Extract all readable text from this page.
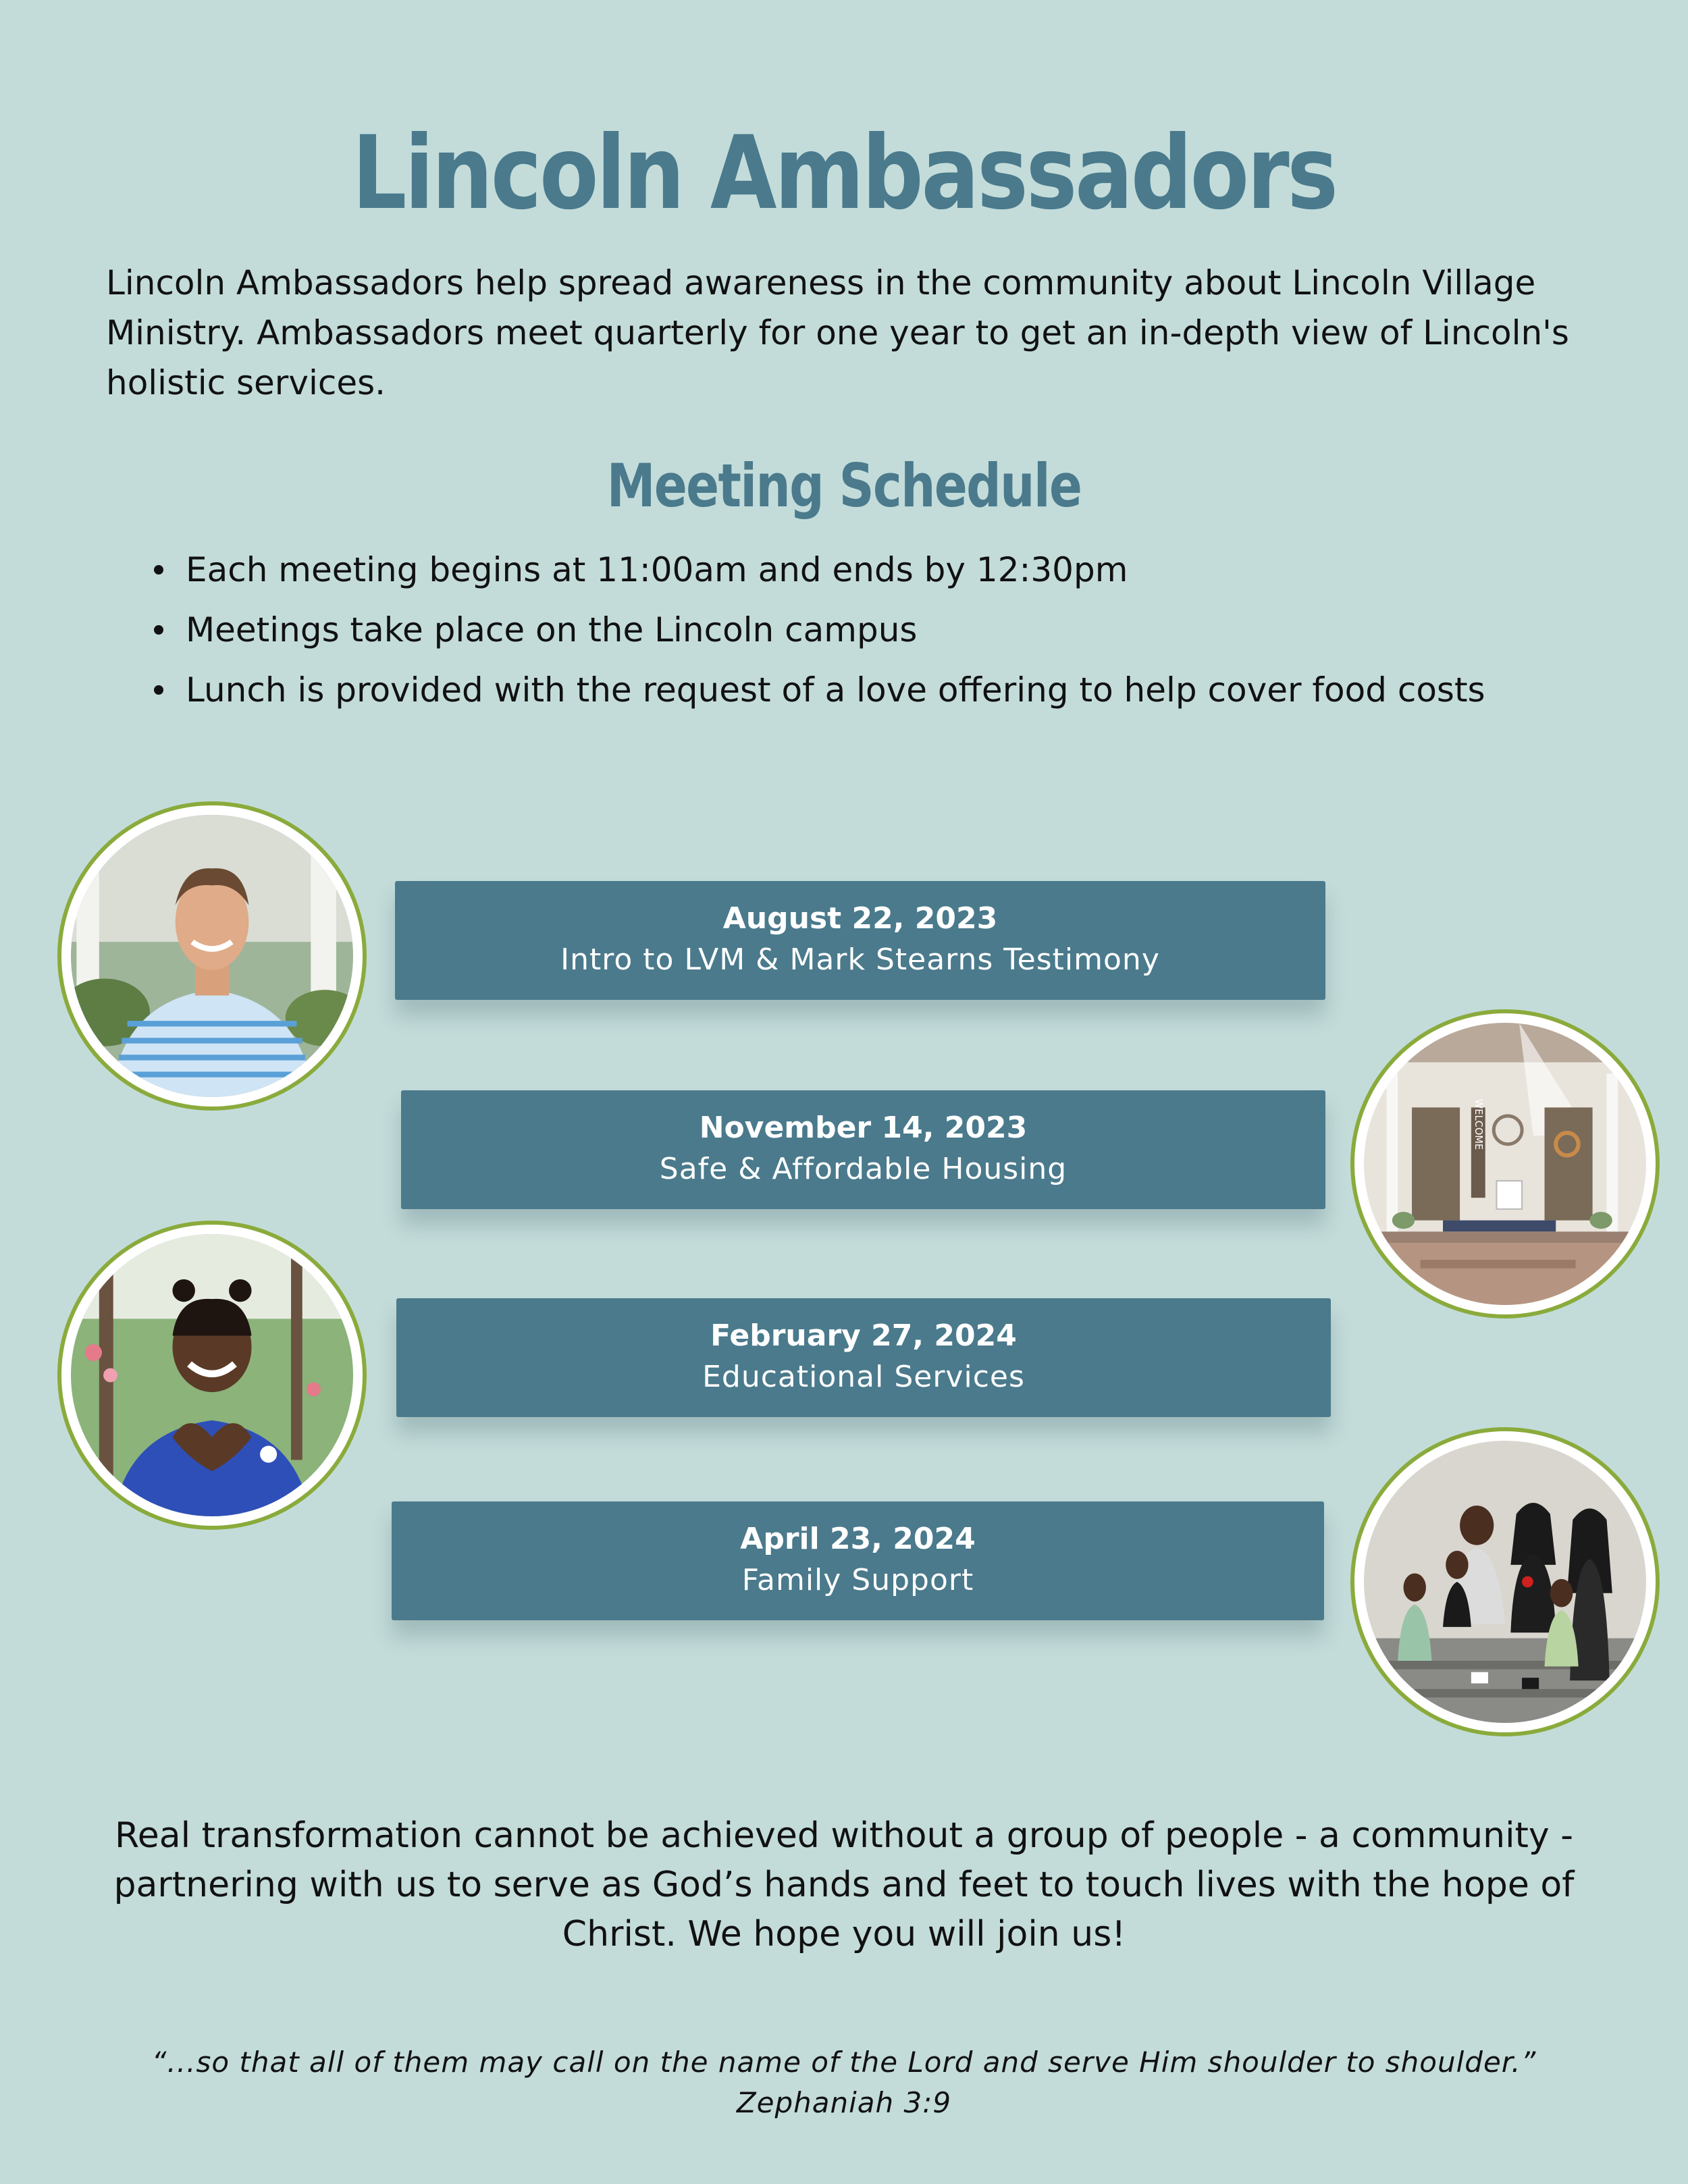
Lincoln Ambassadors

Lincoln Ambassadors help spread awareness in the community about Lincoln Village Ministry. Ambassadors meet quarterly for one year to get an in-depth view of Lincoln's holistic services.

Meeting Schedule
Each meeting begins at 11:00am and ends by 12:30pm
Meetings take place on the Lincoln campus
Lunch is provided with the request of a love offering to help cover food costs
August 22, 2023
Intro to LVM & Mark Stearns Testimony
November 14, 2023
Safe & Affordable Housing
February 27, 2024
Educational Services
April 23, 2024
Family Support
WELCOME

Real transformation cannot be achieved without a group of people - a community - partnering with us to serve as God’s hands and feet to touch lives with the hope of Christ. We hope you will join us!

“...so that all of them may call on the name of the Lord and serve Him shoulder to shoulder.”
Zephaniah 3:9
